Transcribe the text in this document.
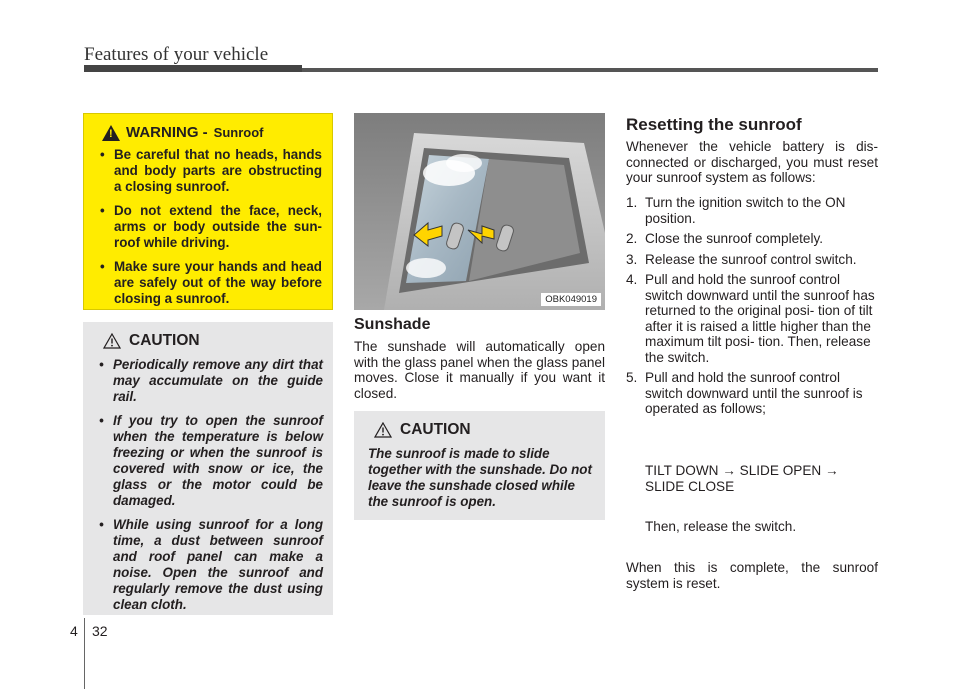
Features of your vehicle
!
WARNING - Sunroof
• Be careful that no heads, hands and body parts are obstructing a closing sunroof.
• Do not extend the face, neck, arms or body outside the sun- roof while driving.
• Make sure your hands and head are safely out of the way before closing a sunroof.
CAUTION
• Periodically remove any dirt that may accumulate on the guide rail.
• If you try to open the sunroof when the temperature is below freezing or when the sunroof is covered with snow or ice, the glass or the motor could be damaged.
• While using sunroof for a long time, a dust between sunroof and roof panel can make a noise. Open the sunroof and regularly remove the dust using clean cloth.
OBK049019
Sunshade
The sunshade will automatically open with the glass panel when the glass panel moves. Close it manually if you want it closed.
CAUTION
The sunroof is made to slide together with the sunshade. Do not leave the sunshade closed while the sunroof is open.
Resetting the sunroof
Whenever the vehicle battery is dis- connected or discharged, you must reset your sunroof system as follows:
1. Turn the ignition switch to the ON position.
2. Close the sunroof completely.
3. Release the sunroof control switch.
4. Pull and hold the sunroof control switch downward until the sunroof has returned to the original posi- tion of tilt after it is raised a little higher than the maximum tilt posi- tion. Then, release the switch.
5. Pull and hold the sunroof control switch downward until the sunroof is operated as follows;
TILT DOWN → SLIDE OPEN →
SLIDE CLOSE
Then, release the switch.
When this is complete, the sunroof system is reset.
4 32
